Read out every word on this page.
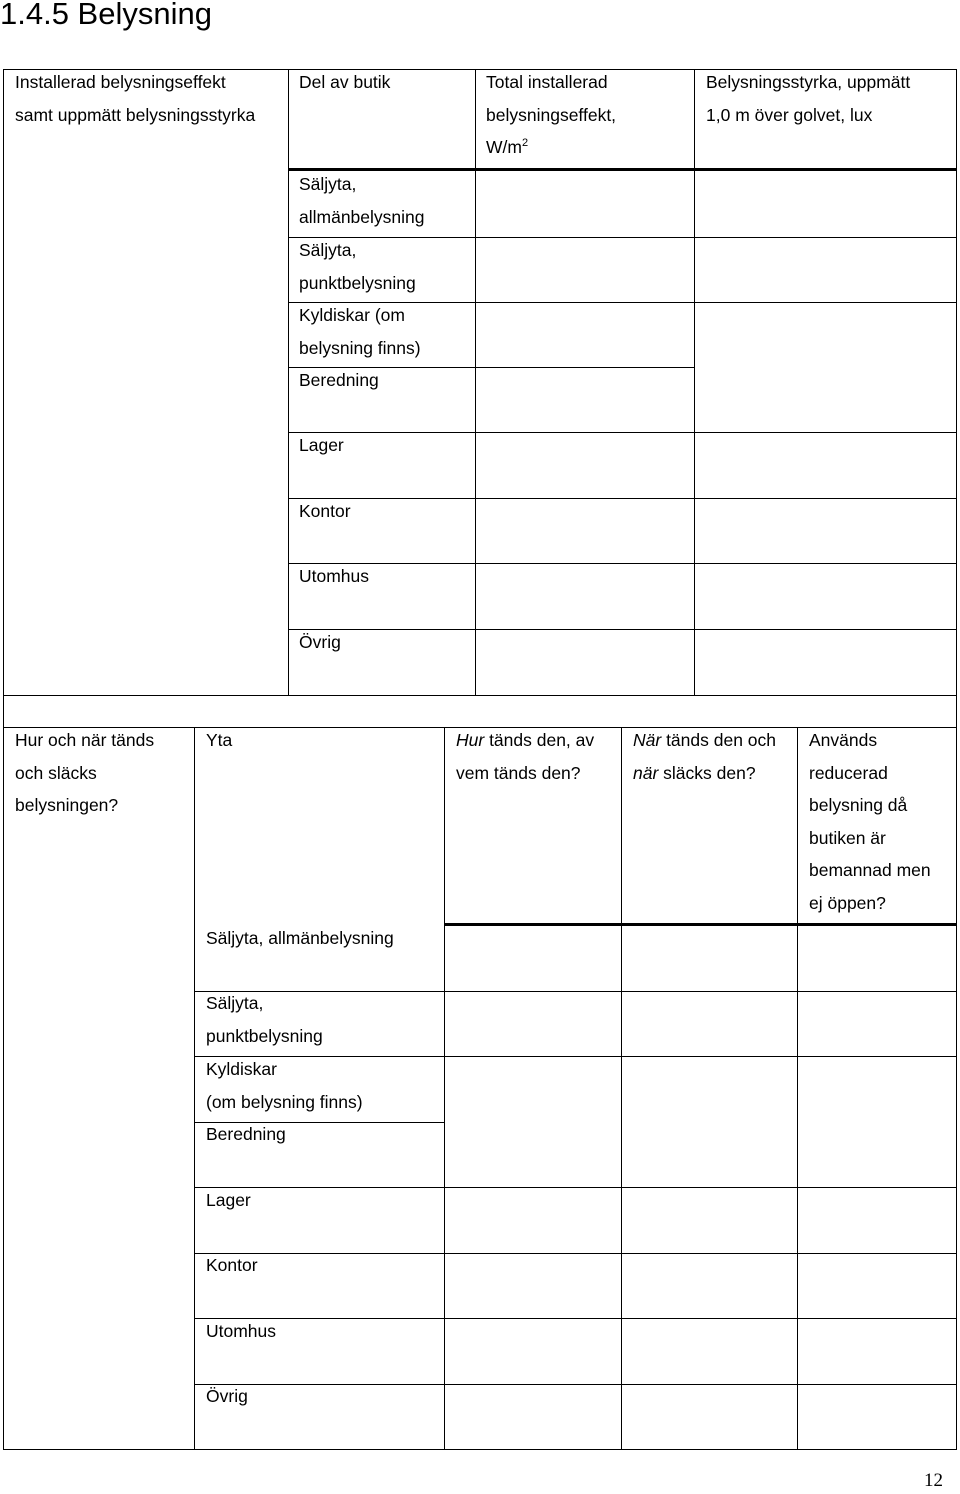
1.4.5 Belysning
Installerad belysningseffekt
samt uppmätt belysningsstyrka
Del av butik	Total installerad
belysningseffekt,
$W/m^2$
Belysningsstyrka, uppmätt
1,0 m över golvet, lux
Säljyta,
allmänbelysning
Säljyta,
punktbelysning
Kyldiskar (om
belysning finns)
Beredning
Lager
Kontor
Utomhus
Övrig
Hur och när tänds
och släcks
belysningen?
Yta	Hur tänds den, av
vem tänds den?
När tänds den och
när släcks den?
Används
reducerad
belysning då
butiken är
bemannad men
ej öppen?
Säljyta, allmänbelysning
Säljyta,
punktbelysning
Kyldiskar
(om belysning finns)
Beredning
Lager
Kontor
Utomhus
Övrig
12
